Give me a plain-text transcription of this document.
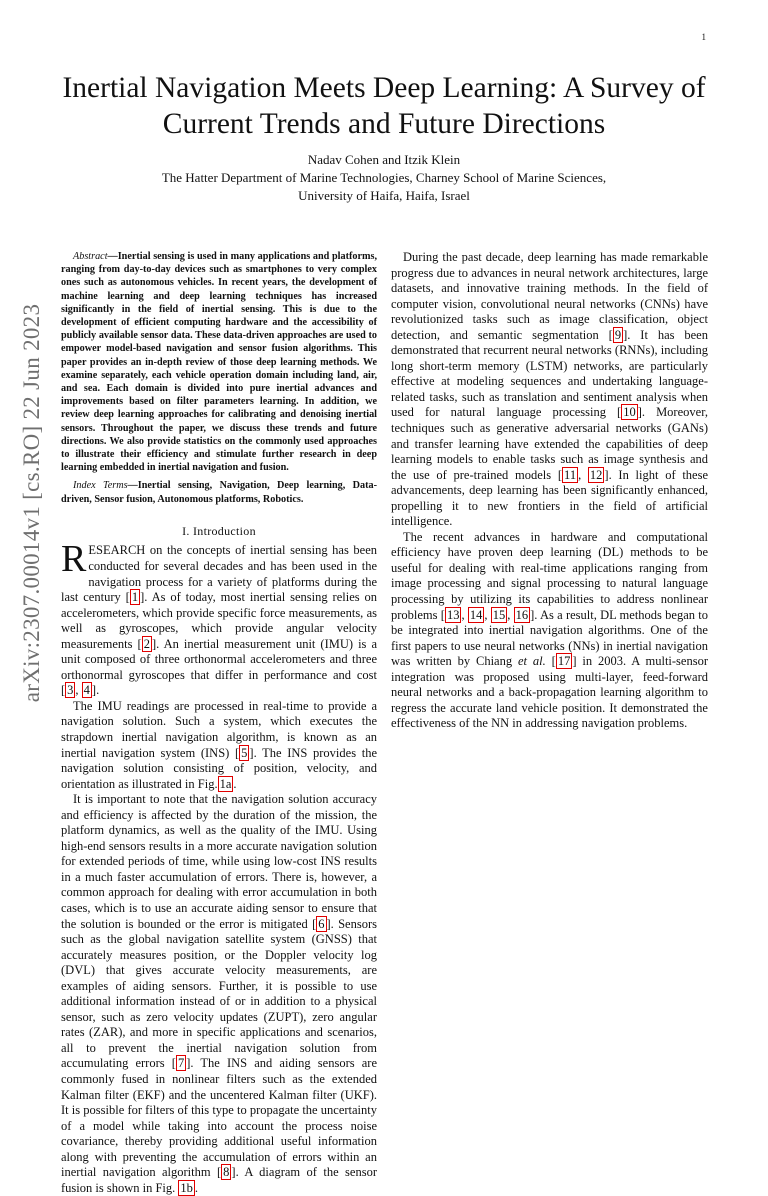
1
arXiv:2307.00014v1 [cs.RO] 22 Jun 2023
Inertial Navigation Meets Deep Learning: A Survey of Current Trends and Future Directions
Nadav Cohen and Itzik Klein
The Hatter Department of Marine Technologies, Charney School of Marine Sciences,
University of Haifa, Haifa, Israel

Abstract—Inertial sensing is used in many applications and platforms, ranging from day-to-day devices such as smartphones to very complex ones such as autonomous vehicles. In recent years, the development of machine learning and deep learning techniques has increased significantly in the field of inertial sensing. This is due to the development of efficient computing hardware and the accessibility of publicly available sensor data. These data-driven approaches are used to empower model-based navigation and sensor fusion algorithms. This paper provides an in-depth review of those deep learning methods. We examine separately, each vehicle operation domain including land, air, and sea. Each domain is divided into pure inertial advances and improvements based on filter parameters learning. In addition, we review deep learning approaches for calibrating and denoising inertial sensors. Throughout the paper, we discuss these trends and future directions. We also provide statistics on the commonly used approaches to illustrate their efficiency and stimulate further research in deep learning embedded in inertial navigation and fusion.

Index Terms—Inertial sensing, Navigation, Deep learning, Data-driven, Sensor fusion, Autonomous platforms, Robotics.

I. Introduction

RESEARCH on the concepts of inertial sensing has been conducted for several decades and has been used in the navigation process for a variety of platforms during the last century [ 1 ]. As of today, most inertial sensing relies on accelerometers, which provide specific force measurements, as well as gyroscopes, which provide angular velocity measurements [ 2 ]. An inertial measurement unit (IMU) is a unit composed of three orthonormal accelerometers and three orthonormal gyroscopes that differ in performance and cost [ 3 , 4 ].

The IMU readings are processed in real-time to provide a navigation solution. Such a system, which executes the strapdown inertial navigation algorithm, is known as an inertial navigation system (INS) [ 5 ]. The INS provides the navigation solution consisting of position, velocity, and orientation as illustrated in Fig. 1a .

It is important to note that the navigation solution accuracy and efficiency is affected by the duration of the mission, the platform dynamics, as well as the quality of the IMU. Using high-end sensors results in a more accurate navigation solution for extended periods of time, while using low-cost INS results in a much faster accumulation of errors. There is, however, a common approach for dealing with error accumulation in both cases, which is to use an accurate aiding sensor to ensure that the solution is bounded or the error is mitigated [ 6 ]. Sensors such as the global navigation satellite system (GNSS) that accurately measures position, or the Doppler velocity log (DVL) that gives accurate velocity measurements, are examples of aiding sensors. Further, it is possible to use additional information instead of or in addition to a physical sensor, such as zero velocity updates (ZUPT), zero angular rates (ZAR), and more in specific applications and scenarios, all to prevent the inertial navigation solution from accumulating errors [ 7 ]. The INS and aiding sensors are commonly fused in nonlinear filters such as the extended Kalman filter (EKF) and the uncentered Kalman filter (UKF). It is possible for filters of this type to propagate the uncertainty of a model while taking into account the process noise covariance, thereby providing additional useful information along with preventing the accumulation of errors within an inertial navigation algorithm [ 8 ]. A diagram of the sensor fusion is shown in Fig. 1b .

During the past decade, deep learning has made remarkable progress due to advances in neural network architectures, large datasets, and innovative training methods. In the field of computer vision, convolutional neural networks (CNNs) have revolutionized tasks such as image classification, object detection, and semantic segmentation [ 9 ]. It has been demonstrated that recurrent neural networks (RNNs), including long short-term memory (LSTM) networks, are particularly effective at modeling sequences and undertaking language-related tasks, such as translation and sentiment analysis when used for natural language processing [ 10 ]. Moreover, techniques such as generative adversarial networks (GANs) and transfer learning have extended the capabilities of deep learning models to enable tasks such as image synthesis and the use of pre-trained models [ 11 , 12 ]. In light of these advancements, deep learning has been significantly enhanced, propelling it to new frontiers in the field of artificial intelligence.

The recent advances in hardware and computational efficiency have proven deep learning (DL) methods to be useful for dealing with real-time applications ranging from image processing and signal processing to natural language processing by utilizing its capabilities to address nonlinear problems [ 13 , 14 , 15 , 16 ]. As a result, DL methods began to be integrated into inertial navigation algorithms. One of the first papers to use neural networks (NNs) in inertial navigation was written by Chiang et al. [ 17 ] in 2003. A multi-sensor integration was proposed using multi-layer, feed-forward neural networks and a back-propagation learning algorithm to regress the accurate land vehicle position. It demonstrated the effectiveness of the NN in addressing navigation problems.
